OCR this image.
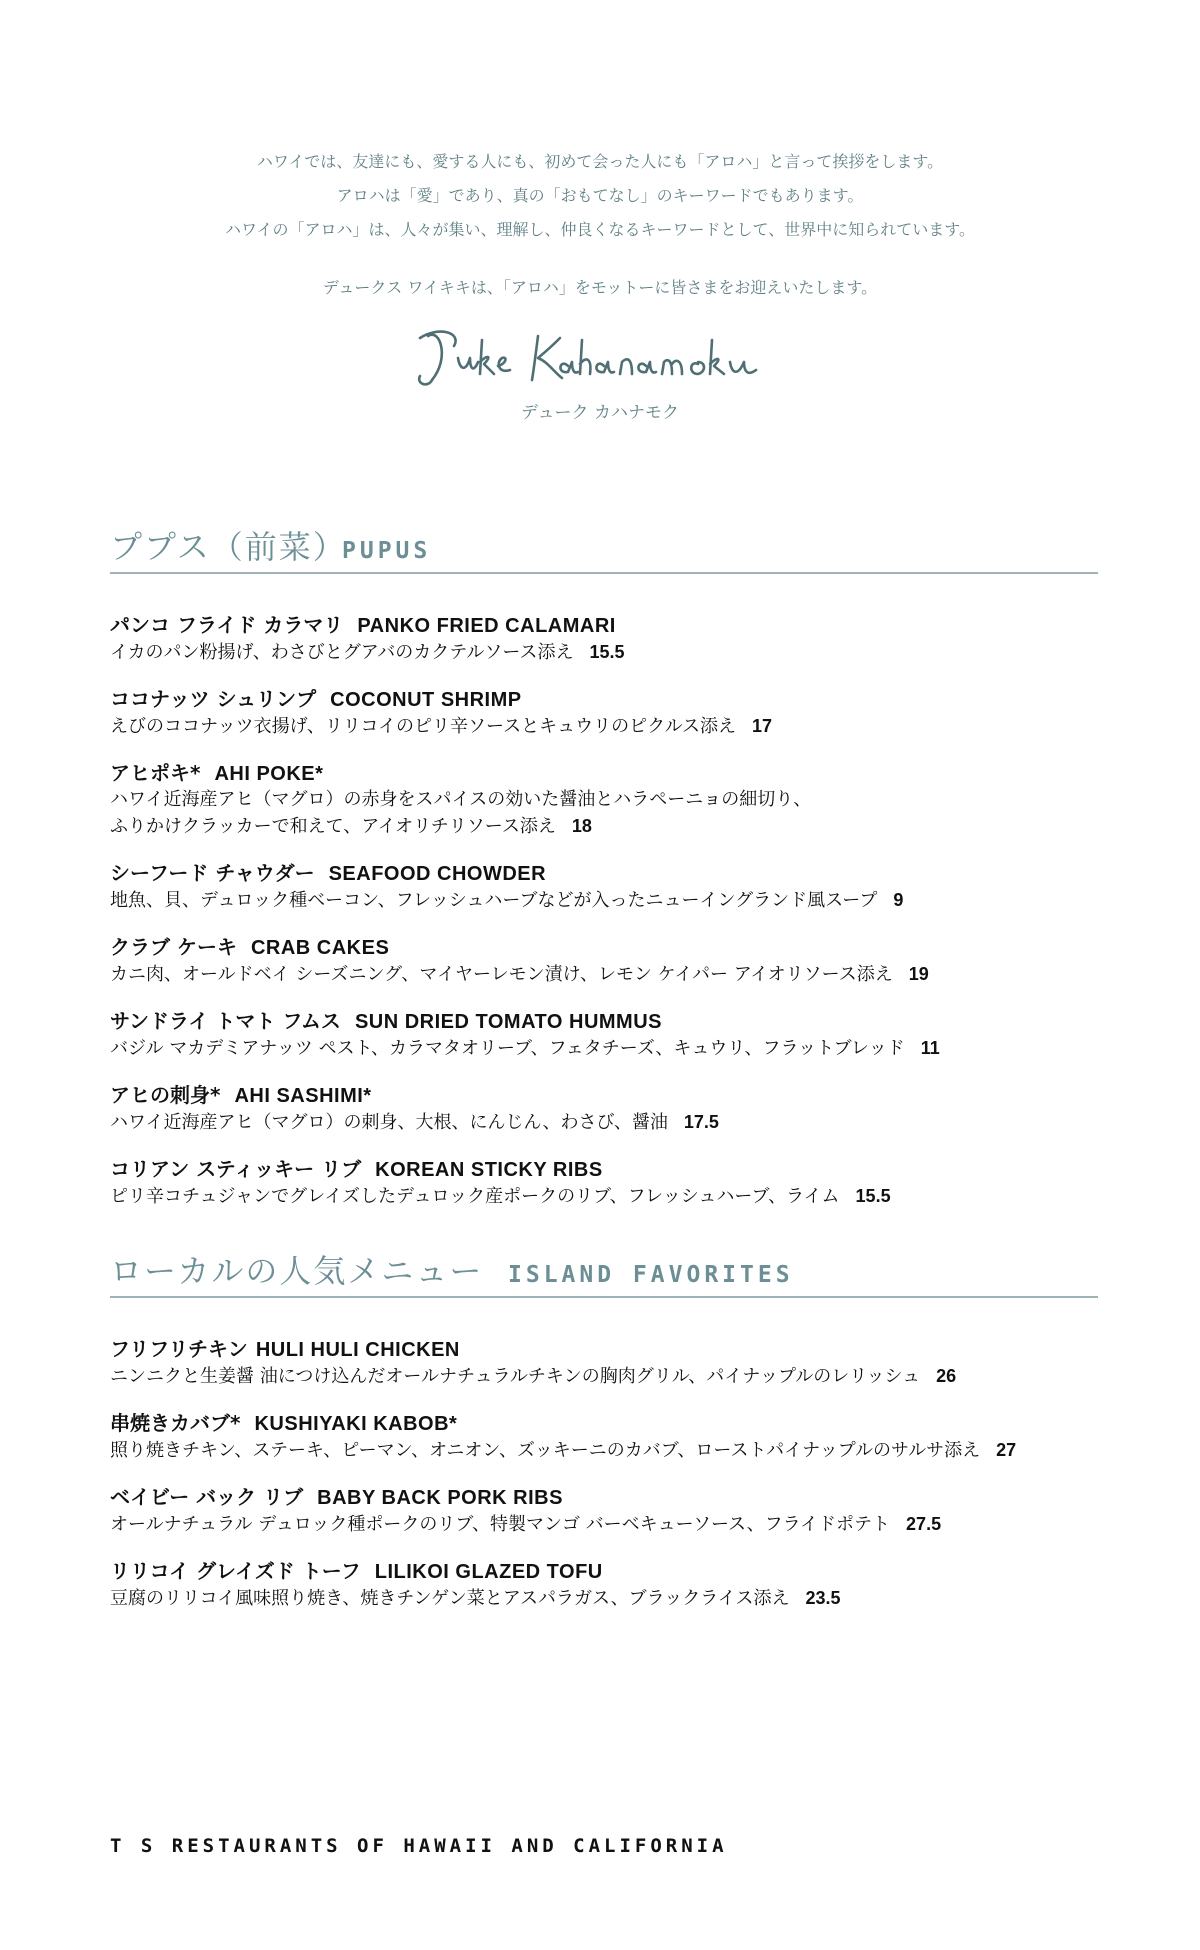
ハワイでは、友達にも、愛する人にも、初めて会った人にも「アロハ」と言って挨拶をします。

アロハは「愛」であり、真の「おもてなし」のキーワードでもあります。

ハワイの「アロハ」は、人々が集い、理解し、仲良くなるキーワードとして、世界中に知られています。

デュークス ワイキキは、「アロハ」をモットーに皆さまをお迎えいたします。

デューク カハナモク
ププス（前菜）
PUPUS
パンコ フライド カラマリ PANKO FRIED CALAMARI
イカのパン粉揚げ、わさびとグアバのカクテルソース添え 15.5
ココナッツ シュリンプ COCONUT SHRIMP
えびのココナッツ衣揚げ、リリコイのピリ辛ソースとキュウリのピクルス添え 17
アヒポキ* AHI POKE*
ハワイ近海産アヒ（マグロ）の赤身をスパイスの効いた醤油とハラペーニョの細切り、
ふりかけクラッカーで和えて、アイオリチリソース添え 18
シーフード チャウダー SEAFOOD CHOWDER
地魚、貝、デュロック種ベーコン、フレッシュハーブなどが入ったニューイングランド風スープ 9
クラブ ケーキ CRAB CAKES
カニ肉、オールドベイ シーズニング、マイヤーレモン漬け、レモン ケイパー アイオリソース添え 19
サンドライ トマト フムス SUN DRIED TOMATO HUMMUS
バジル マカデミアナッツ ペスト、カラマタオリーブ、フェタチーズ、キュウリ、フラットブレッド 11
アヒの刺身* AHI SASHIMI*
ハワイ近海産アヒ（マグロ）の刺身、大根、にんじん、わさび、醤油 17.5
コリアン スティッキー リブ KOREAN STICKY RIBS
ピリ辛コチュジャンでグレイズしたデュロック産ポークのリブ、フレッシュハーブ、ライム 15.5
ローカルの人気メニュー ISLAND FAVORITES
フリフリチキン HULI HULI CHICKEN
ニンニクと生姜醤 油につけ込んだオールナチュラルチキンの胸肉グリル、パイナップルのレリッシュ 26
串焼きカバブ* KUSHIYAKI KABOB*
照り焼きチキン、ステーキ、ピーマン、オニオン、ズッキーニのカバブ、ローストパイナップルのサルサ添え 27
ベイビー バック リブ BABY BACK PORK RIBS
オールナチュラル デュロック種ポークのリブ、特製マンゴ バーベキューソース、フライドポテト 27.5
リリコイ グレイズド トーフ LILIKOI GLAZED TOFU
豆腐のリリコイ風味照り焼き、焼きチンゲン菜とアスパラガス、ブラックライス添え 23.5
T S RESTAURANTS OF HAWAII AND CALIFORNIA
